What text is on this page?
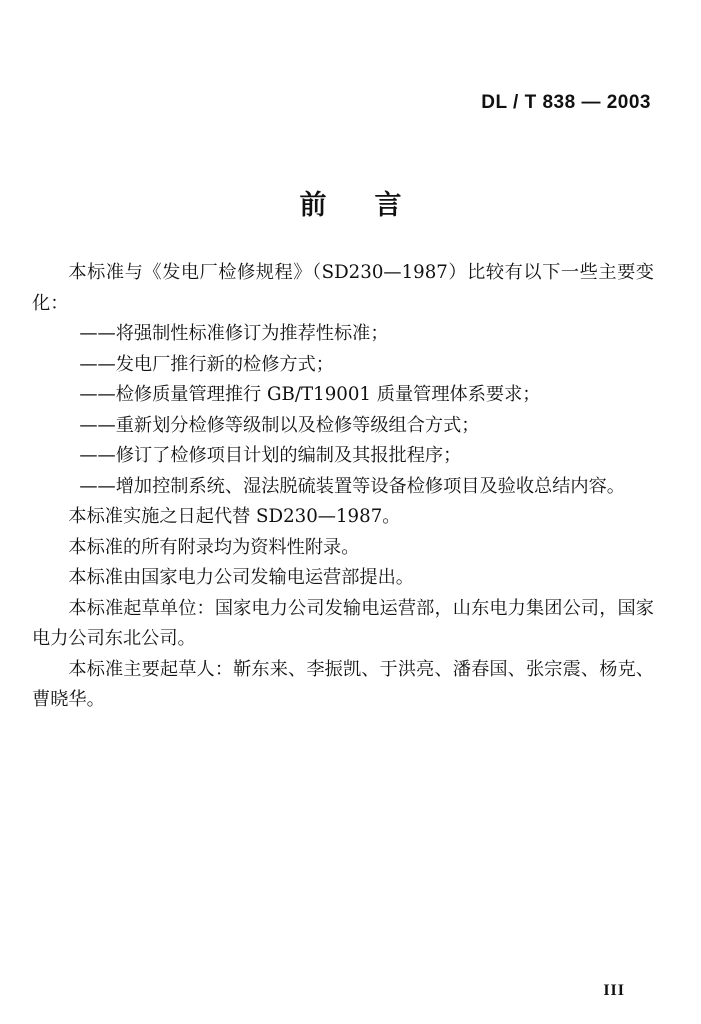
DL / T 838 — 2003
前言

本标准与《发电厂检修规程》（SD230—1987）比较有以下一些主要变化：

——将强制性标准修订为推荐性标准；

——发电厂推行新的检修方式；

——检修质量管理推行 GB/T19001 质量管理体系要求；

——重新划分检修等级制以及检修等级组合方式；

——修订了检修项目计划的编制及其报批程序；

——增加控制系统、湿法脱硫装置等设备检修项目及验收总结内容。

本标准实施之日起代替 SD230—1987。

本标准的所有附录均为资料性附录。

本标准由国家电力公司发输电运营部提出。

本标准起草单位：国家电力公司发输电运营部，山东电力集团公司，国家电力公司东北公司。

本标准主要起草人：靳东来、李振凯、于洪亮、潘春国、张宗震、杨克、曹晓华。

III
